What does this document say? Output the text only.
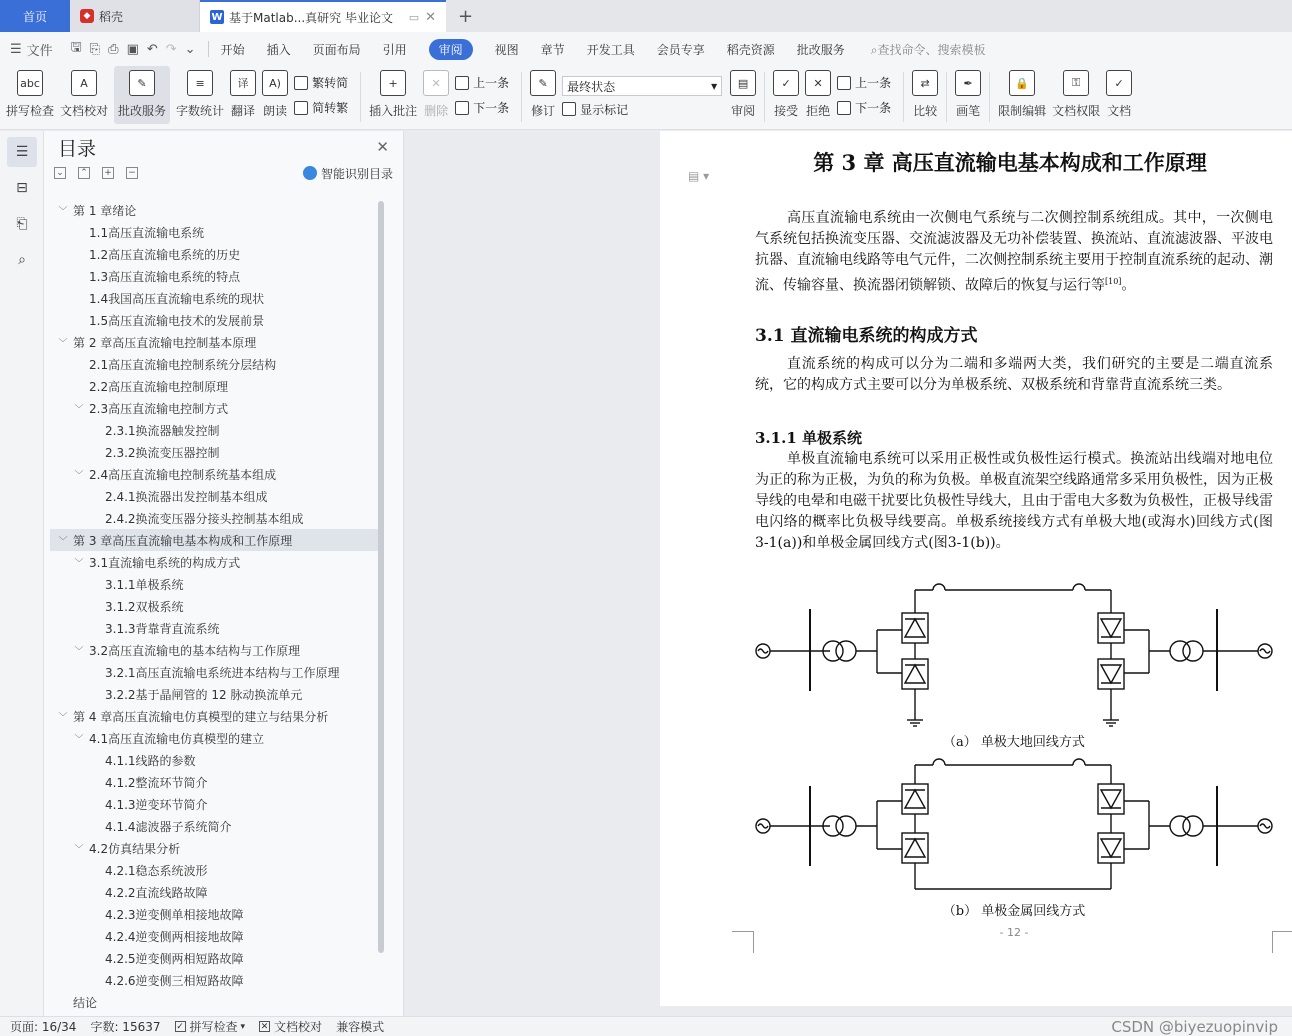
首页	◆ 稻壳	W 基于Matlab...真研究 毕业论文	▭ ✕ +
☰ 文件 🖫 ⎘ ⎙ ▣ ↶ ↷ ⌄ 开始 插入 页面布局 引用	审阅	视图 章节 开发工具 会员专享 稻壳资源 批改服务 ⌕查找命令、搜索模板
abc
拼写检查
A
文档校对
✎
批改服务
≡
字数统计
译
翻译
A)
朗读
繁转简
简转繁
+
插入批注
✕
删除
上一条
下一条
✎
修订
最终状态	▾
显示标记
▤
审阅
✓
接受
✕
拒绝
上一条
下一条
⇄
比较
✒
画笔
🔒
限制编辑
⚿
文档权限
✓
文档
☰
⊟
⎗
⌕
目录	✕
⌄ ⌃ + −	智能识别目录
﹀ 第 1 章绪论
1.1高压直流输电系统
1.2高压直流输电系统的历史
1.3高压直流输电系统的特点
1.4我国高压直流输电系统的现状
1.5高压直流输电技术的发展前景
﹀ 第 2 章高压直流输电控制基本原理
2.1高压直流输电控制系统分层结构
2.2高压直流输电控制原理
﹀ 2.3高压直流输电控制方式
2.3.1换流器触发控制
2.3.2换流变压器控制
﹀ 2.4高压直流输电控制系统基本组成
2.4.1换流器出发控制基本组成
2.4.2换流变压器分接头控制基本组成
﹀ 第 3 章高压直流输电基本构成和工作原理
﹀ 3.1直流输电系统的构成方式
3.1.1单极系统
3.1.2双极系统
3.1.3背靠背直流系统
﹀ 3.2高压直流输电的基本结构与工作原理
3.2.1高压直流输电系统进本结构与工作原理
3.2.2基于晶闸管的 12 脉动换流单元
﹀ 第 4 章高压直流输电仿真模型的建立与结果分析
﹀ 4.1高压直流输电仿真模型的建立
4.1.1线路的参数
4.1.2整流环节简介
4.1.3逆变环节简介
4.1.4滤波器子系统简介
﹀ 4.2仿真结果分析
4.2.1稳态系统波形
4.2.2直流线路故障
4.2.3逆变侧单相接地故障
4.2.4逆变侧两相接地故障
4.2.5逆变侧两相短路故障
4.2.6逆变侧三相短路故障
结论
▤ ▾
第 3 章 高压直流输电基本构成和工作原理
高压直流输电系统由一次侧电气系统与二次侧控制系统组成。其中，一次侧电气系统包括换流变压器、交流滤波器及无功补偿装置、换流站、直流滤波器、平波电抗器、直流输电线路等电气元件，二次侧控制系统主要用于控制直流系统的起动、潮流、传输容量、换流器闭锁解锁、故障后的恢复与运行等[10]。
3.1 直流输电系统的构成方式
直流系统的构成可以分为二端和多端两大类，我们研究的主要是二端直流系统，它的构成方式主要可以分为单极系统、双极系统和背靠背直流系统三类。
3.1.1 单极系统
单极直流输电系统可以采用正极性或负极性运行模式。换流站出线端对地电位为正的称为正极，为负的称为负极。单极直流架空线路通常多采用负极性，因为正极导线的电晕和电磁干扰要比负极性导线大，且由于雷电大多数为负极性，正极导线雷电闪络的概率比负极导线要高。单极系统接线方式有单极大地(或海水)回线方式(图3-1(a))和单极金属回线方式(图3-1(b))。
（a） 单极大地回线方式
（b） 单极金属回线方式
- 12 -
页面: 16/34 字数: 15637 ✓ 拼写检查 ▾ ✕ 文档校对 兼容模式	CSDN @biyezuopinvip
